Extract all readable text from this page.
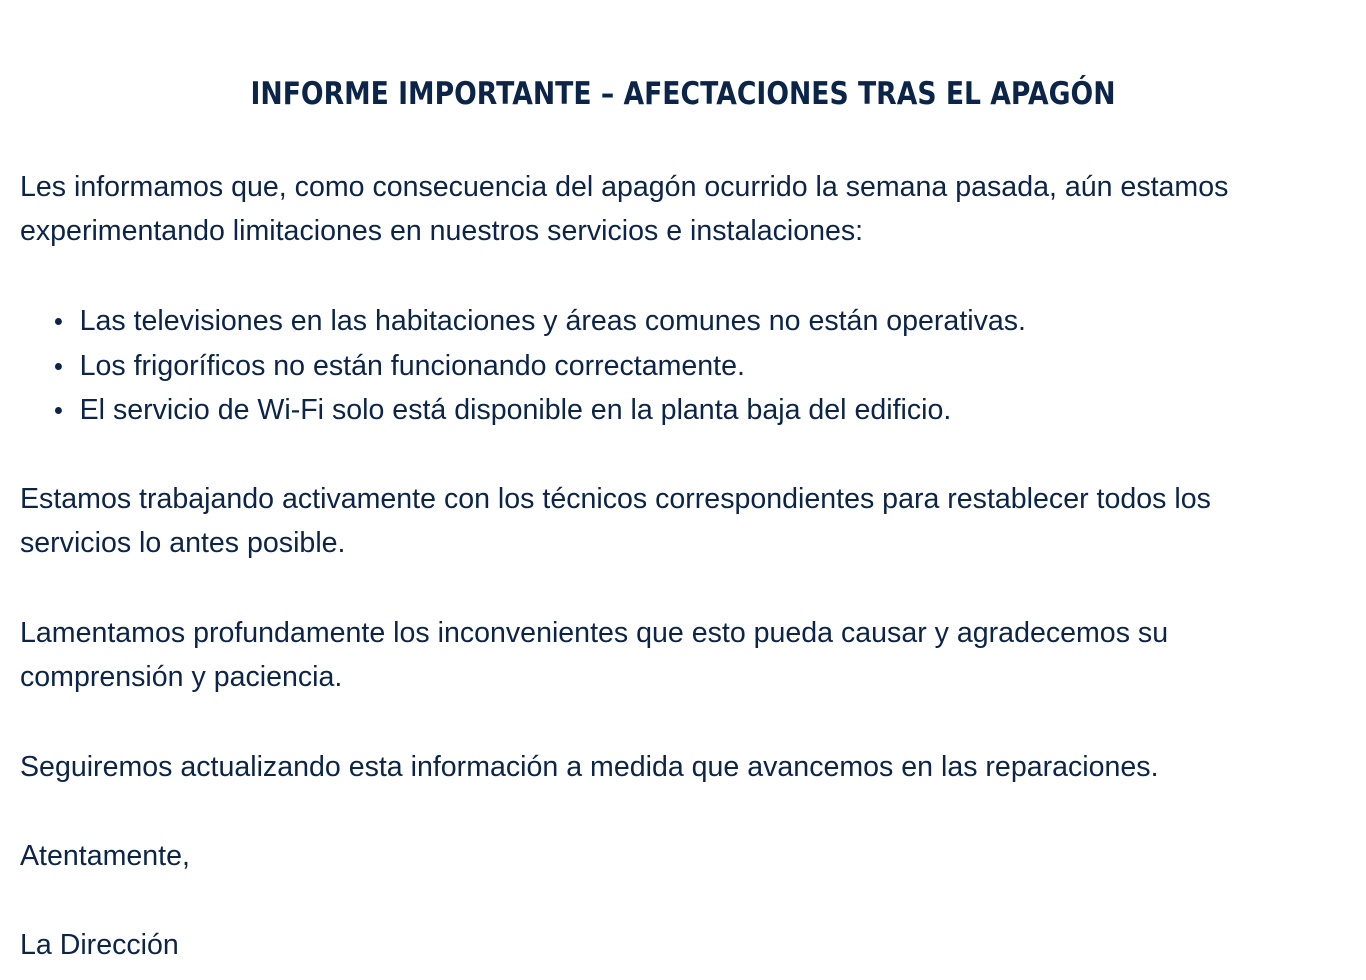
INFORME IMPORTANTE – AFECTACIONES TRAS EL APAGÓN

Les informamos que, como consecuencia del apagón ocurrido la semana pasada, aún estamos experimentando limitaciones en nuestros servicios e instalaciones:

Las televisiones en las habitaciones y áreas comunes no están operativas.
Los frigoríficos no están funcionando correctamente.
El servicio de Wi-Fi solo está disponible en la planta baja del edificio.

Estamos trabajando activamente con los técnicos correspondientes para restablecer todos los servicios lo antes posible.

Lamentamos profundamente los inconvenientes que esto pueda causar y agradecemos su comprensión y paciencia.

Seguiremos actualizando esta información a medida que avancemos en las reparaciones.

Atentamente,

La Dirección
